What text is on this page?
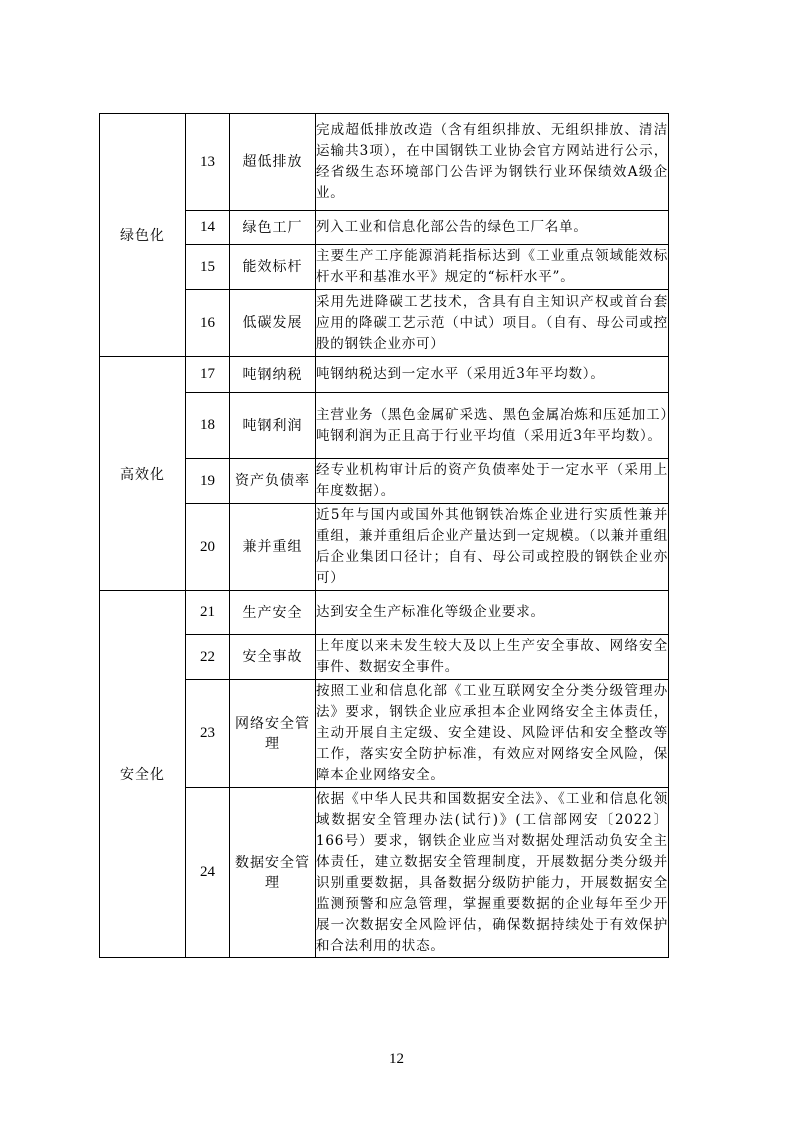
绿色化	13	超低排放	完成超低排放改造（含有组织排放、无组织排放、清洁运输共3项），在中国钢铁工业协会官方网站进行公示，经省级生态环境部门公告评为钢铁行业环保绩效A级企业。
	14	绿色工厂	列入工业和信息化部公告的绿色工厂名单。
	15	能效标杆	主要生产工序能源消耗指标达到《工业重点领域能效标杆水平和基准水平》规定的“标杆水平”。
	16	低碳发展	采用先进降碳工艺技术，含具有自主知识产权或首台套应用的降碳工艺示范（中试）项目。（自有、母公司或控股的钢铁企业亦可）
高效化	17	吨钢纳税	吨钢纳税达到一定水平（采用近3年平均数）。
	18	吨钢利润	主营业务（黑色金属矿采选、黑色金属冶炼和压延加工）吨钢利润为正且高于行业平均值（采用近3年平均数）。
	19	资产负债率	经专业机构审计后的资产负债率处于一定水平（采用上年度数据）。
	20	兼并重组	近5年与国内或国外其他钢铁冶炼企业进行实质性兼并重组，兼并重组后企业产量达到一定规模。（以兼并重组后企业集团口径计；自有、母公司或控股的钢铁企业亦可）
安全化	21	生产安全	达到安全生产标准化等级企业要求。
	22	安全事故	上年度以来未发生较大及以上生产安全事故、网络安全事件、数据安全事件。
	23	网络安全管理	按照工业和信息化部《工业互联网安全分类分级管理办法》要求，钢铁企业应承担本企业网络安全主体责任，主动开展自主定级、安全建设、风险评估和安全整改等工作，落实安全防护标准，有效应对网络安全风险，保障本企业网络安全。
	24	数据安全管理	依据《中华人民共和国数据安全法》、《工业和信息化领域数据安全管理办法(试行)》(工信部网安〔2022〕166号）要求，钢铁企业应当对数据处理活动负安全主体责任，建立数据安全管理制度，开展数据分类分级并识别重要数据，具备数据分级防护能力，开展数据安全监测预警和应急管理，掌握重要数据的企业每年至少开展一次数据安全风险评估，确保数据持续处于有效保护和合法利用的状态。
12
